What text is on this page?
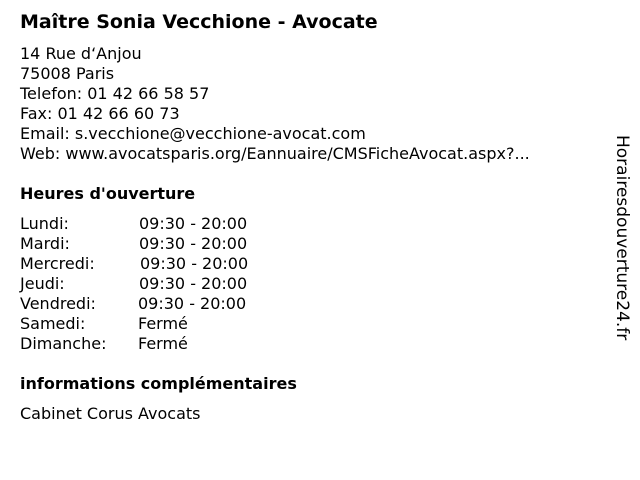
Maître Sonia Vecchione - Avocate
14 Rue d‘Anjou
75008 Paris
Telefon: 01 42 66 58 57
Fax: 01 42 66 60 73
Email: s.vecchione@vecchione-avocat.com
Web: www.avocatsparis.org/Eannuaire/CMSFicheAvocat.aspx?...
Heures d'ouverture
Lundi:	09:30 - 20:00
Mardi:	09:30 - 20:00
Mercredi:	09:30 - 20:00
Jeudi:	09:30 - 20:00
Vendredi:	09:30 - 20:00
Samedi:	Fermé
Dimanche: Fermé
informations complémentaires
Cabinet Corus Avocats
Horairesdouverture24.fr
